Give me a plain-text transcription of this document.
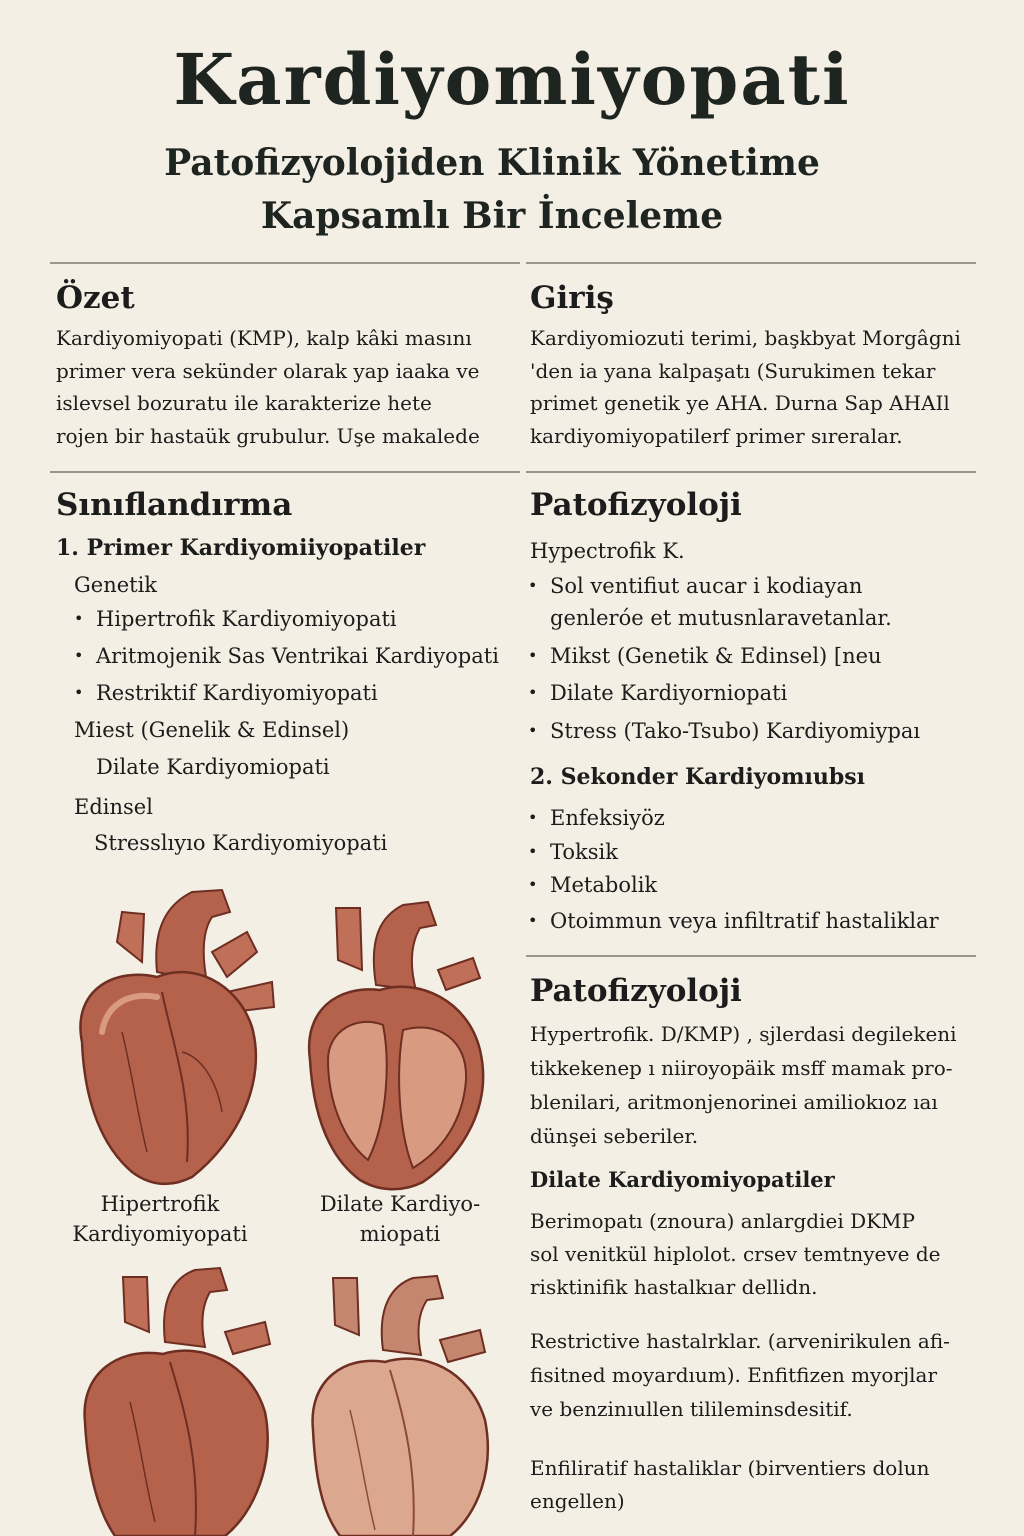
Kardiyomiyopati
Patofizyolojiden Klinik Yönetime
Kapsamlı Bir İnceleme
Özet
Kardiyomiyopati (KMP), kalp kâki masını
primer vera sekünder olarak yap iaaka ve
islevsel bozuratu ile karakterize hete
rojen bir hastaük grubulur. Uşe makalede
Giriş
Kardiyomiozuti terimi, başkbyat Morgâgni
'den ia yana kalpaşatı (Surukimen tekar
primet genetik ye AHA. Durna Sap AHAIl
kardiyomiyopatilerf primer sıreralar.
Sınıflandırma
1. Primer Kardiyomiiyopatiler
Genetik
• Hipertrofik Kardiyomiyopati
• Aritmojenik Sas Ventrikai Kardiyopati
• Restriktif Kardiyomiyopati
Miest (Genelik & Edinsel)
Dilate Kardiyomiopati
Edinsel
Stresslıyıo Kardiyomiyopati
Patofizyoloji
Hypectrofik K.
• Sol ventifiut aucar i kodiayan
genleróe et mutusnlaravetanlar.
• Mikst (Genetik & Edinsel) [neu
• Dilate Kardiyorniopati
• Stress (Tako-Tsubo) Kardiyomiypaı
2. Sekonder Kardiyomıubsı
• Enfeksiyöz
• Toksik
• Metabolik
• Otoimmun veya infiltratif hastaliklar
Patofizyoloji
Hypertrofik. D/KMP) , sjlerdasi degilekeni
tikkekenep ı niiroyopäik msff mamak pro-
blenilari, aritmonjenorinei amiliokıoz ıaı
dünşei seberiler.
Dilate Kardiyomiyopatiler
Berimopatı (znoura) anlargdiei DKMP
sol venitkül hiplolot. crsev temtnyeve de
risktinifik hastalkıar dellidn.
Restrictive hastalrklar. (arvenirikulen afi-
fisitned moyardıum). Enfitfizen myorjlar
ve benzinıullen tilileminsdesitif.
Enfiliratif hastaliklar (birventiers dolun
engellen)
Hipertrofik
Kardiyomiyopati
Dilate Kardiyo-
miopati
